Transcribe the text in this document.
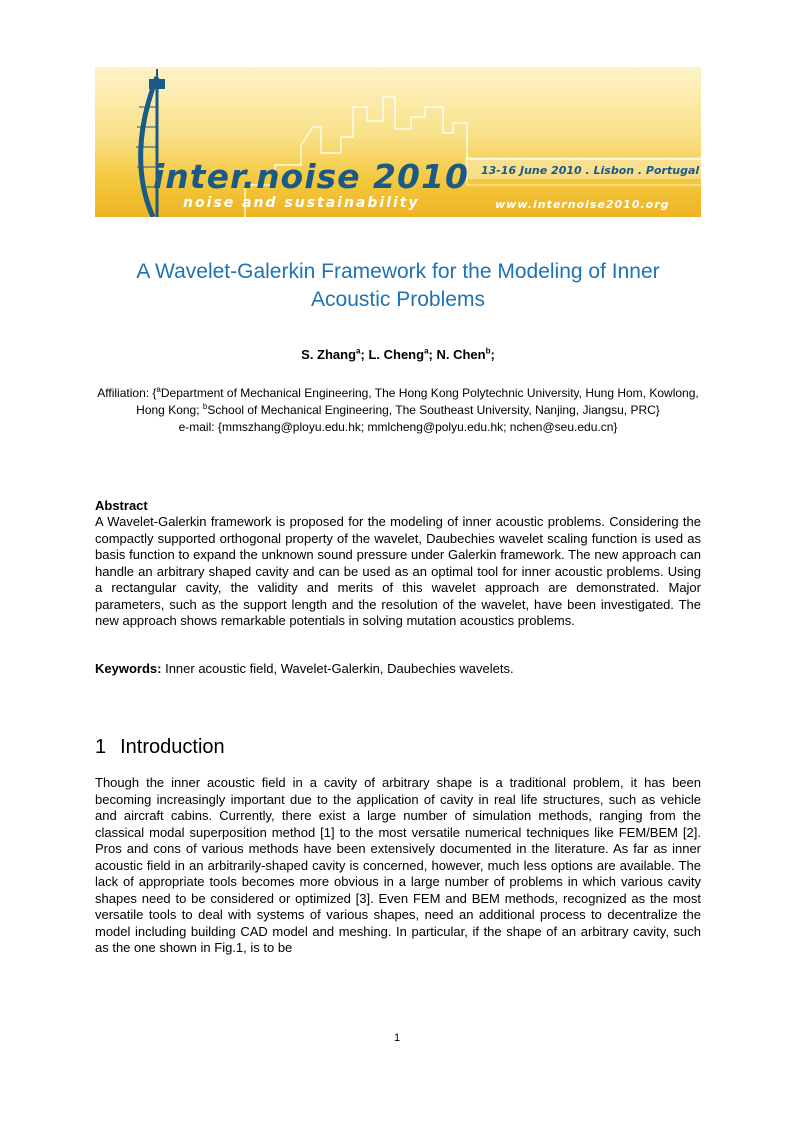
inter.noise 2010
noise and sustainability
13-16 June 2010 . Lisbon . Portugal
www.internoise2010.org
A Wavelet-Galerkin Framework for the Modeling of Inner
Acoustic Problems
S. Zhang$^a$; L. Cheng$^a$; N. Chen$^b$;
Affiliation: {$^a$Department of Mechanical Engineering, The Hong Kong Polytechnic University, Hung Hom, Kowlong, Hong Kong; $^b$School of Mechanical Engineering, The Southeast University, Nanjing, Jiangsu, PRC}
e-mail: {mmszhang@ployu.edu.hk; mmlcheng@polyu.edu.hk; nchen@seu.edu.cn}
Abstract

A Wavelet-Galerkin framework is proposed for the modeling of inner acoustic problems. Considering the compactly supported orthogonal property of the wavelet, Daubechies wavelet scaling function is used as basis function to expand the unknown sound pressure under Galerkin framework. The new approach can handle an arbitrary shaped cavity and can be used as an optimal tool for inner acoustic problems. Using a rectangular cavity, the validity and merits of this wavelet approach are demonstrated. Major parameters, such as the support length and the resolution of the wavelet, have been investigated. The new approach shows remarkable potentials in solving mutation acoustics problems.

Keywords: Inner acoustic field, Wavelet-Galerkin, Daubechies wavelets.
1 Introduction

Though the inner acoustic field in a cavity of arbitrary shape is a traditional problem, it has been becoming increasingly important due to the application of cavity in real life structures, such as vehicle and aircraft cabins. Currently, there exist a large number of simulation methods, ranging from the classical modal superposition method [1] to the most versatile numerical techniques like FEM/BEM [2]. Pros and cons of various methods have been extensively documented in the literature. As far as inner acoustic field in an arbitrarily-shaped cavity is concerned, however, much less options are available. The lack of appropriate tools becomes more obvious in a large number of problems in which various cavity shapes need to be considered or optimized [3]. Even FEM and BEM methods, recognized as the most versatile tools to deal with systems of various shapes, need an additional process to decentralize the model including building CAD model and meshing. In particular, if the shape of an arbitrary cavity, such as the one shown in Fig.1, is to be

1
